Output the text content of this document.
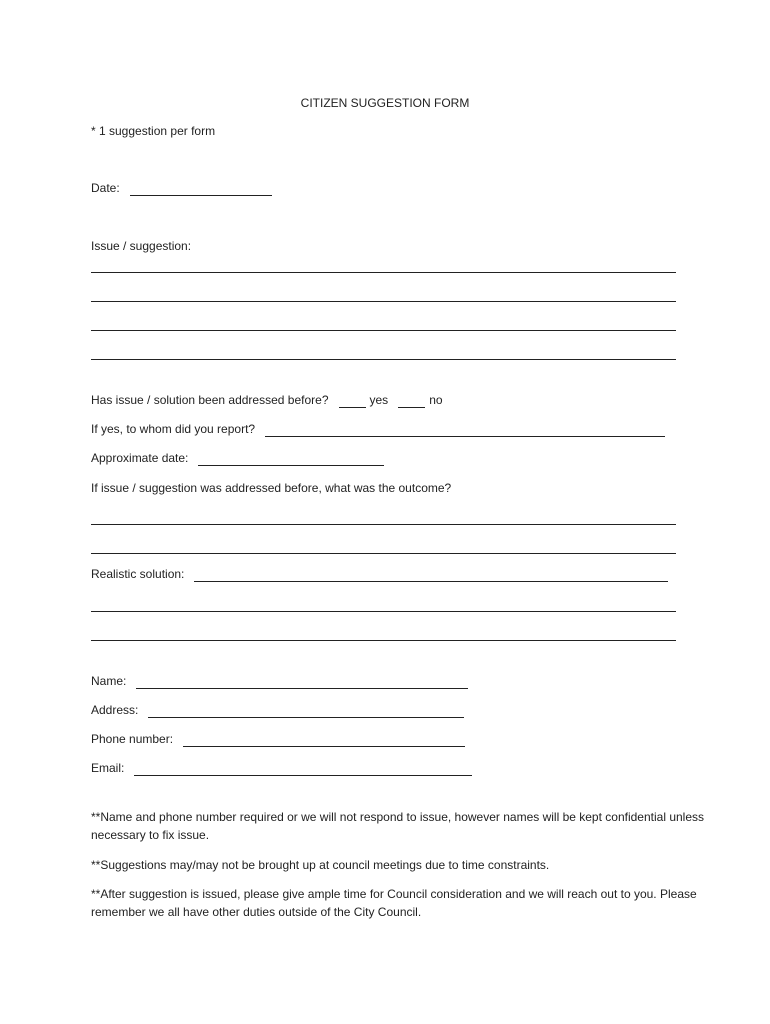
CITIZEN SUGGESTION FORM
* 1 suggestion per form
Date:
Issue / suggestion:
Has issue / solution been addressed before?	yes	no
If yes, to whom did you report?
Approximate date:
If issue / suggestion was addressed before, what was the outcome?
Realistic solution:
Name:
Address:
Phone number:
Email:
**Name and phone number required or we will not respond to issue, however names will be kept confidential unless necessary to fix issue.
**Suggestions may/may not be brought up at council meetings due to time constraints.
**After suggestion is issued, please give ample time for Council consideration and we will reach out to you. Please remember we all have other duties outside of the City Council.
